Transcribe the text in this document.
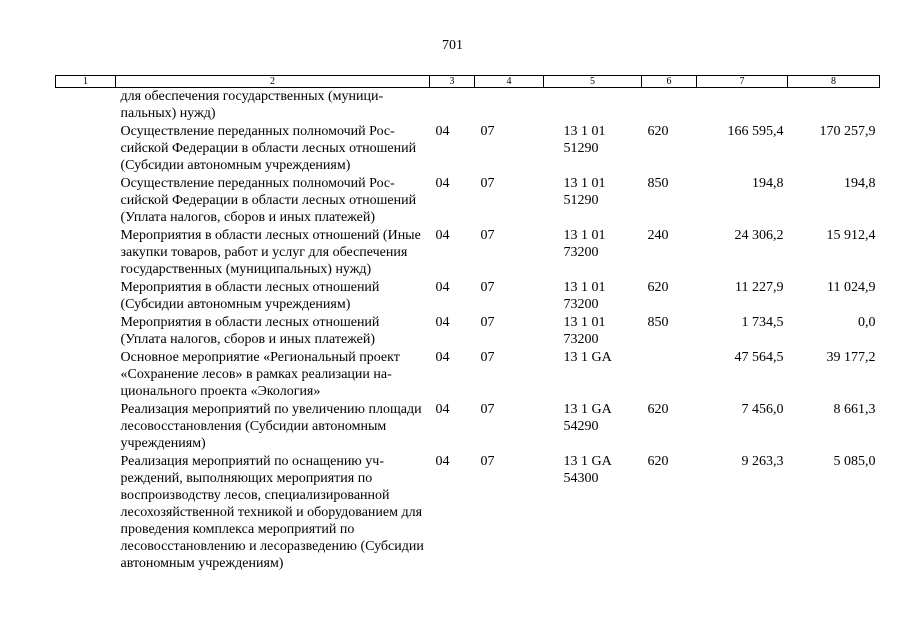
701
1	2	3	4	5	6	7	8
	для обеспечения государственных (муниципальных) нужд)						
	Осуществление переданных полномочий Российской Федерации в области лесных отношений (Субсидии автономным учреждениям)	04	07	13 1 01 51290	620	166 595,4	170 257,9
	Осуществление переданных полномочий Российской Федерации в области лесных отношений (Уплата налогов, сборов и иных платежей)	04	07	13 1 01 51290	850	194,8	194,8
	Мероприятия в области лесных отношений (Иные закупки товаров, работ и услуг для обеспечения государственных (муниципальных) нужд)	04	07	13 1 01 73200	240	24 306,2	15 912,4
	Мероприятия в области лесных отношений (Субсидии автономным учреждениям)	04	07	13 1 01 73200	620	11 227,9	11 024,9
	Мероприятия в области лесных отношений (Уплата налогов, сборов и иных платежей)	04	07	13 1 01 73200	850	1 734,5	0,0
	Основное мероприятие «Региональный проект «Сохранение лесов» в рамках реализации национального проекта «Экология»	04	07	13 1 GA		47 564,5	39 177,2
	Реализация мероприятий по увеличению площади лесовосстановления (Субсидии автономным учреждениям)	04	07	13 1 GA 54290	620	7 456,0	8 661,3
	Реализация мероприятий по оснащению учреждений, выполняющих мероприятия по воспроизводству лесов, специализированной лесохозяйственной техникой и оборудованием для проведения комплекса мероприятий по лесовосстановлению и лесоразведению (Субсидии автономным учреждениям)	04	07	13 1 GA 54300	620	9 263,3	5 085,0
